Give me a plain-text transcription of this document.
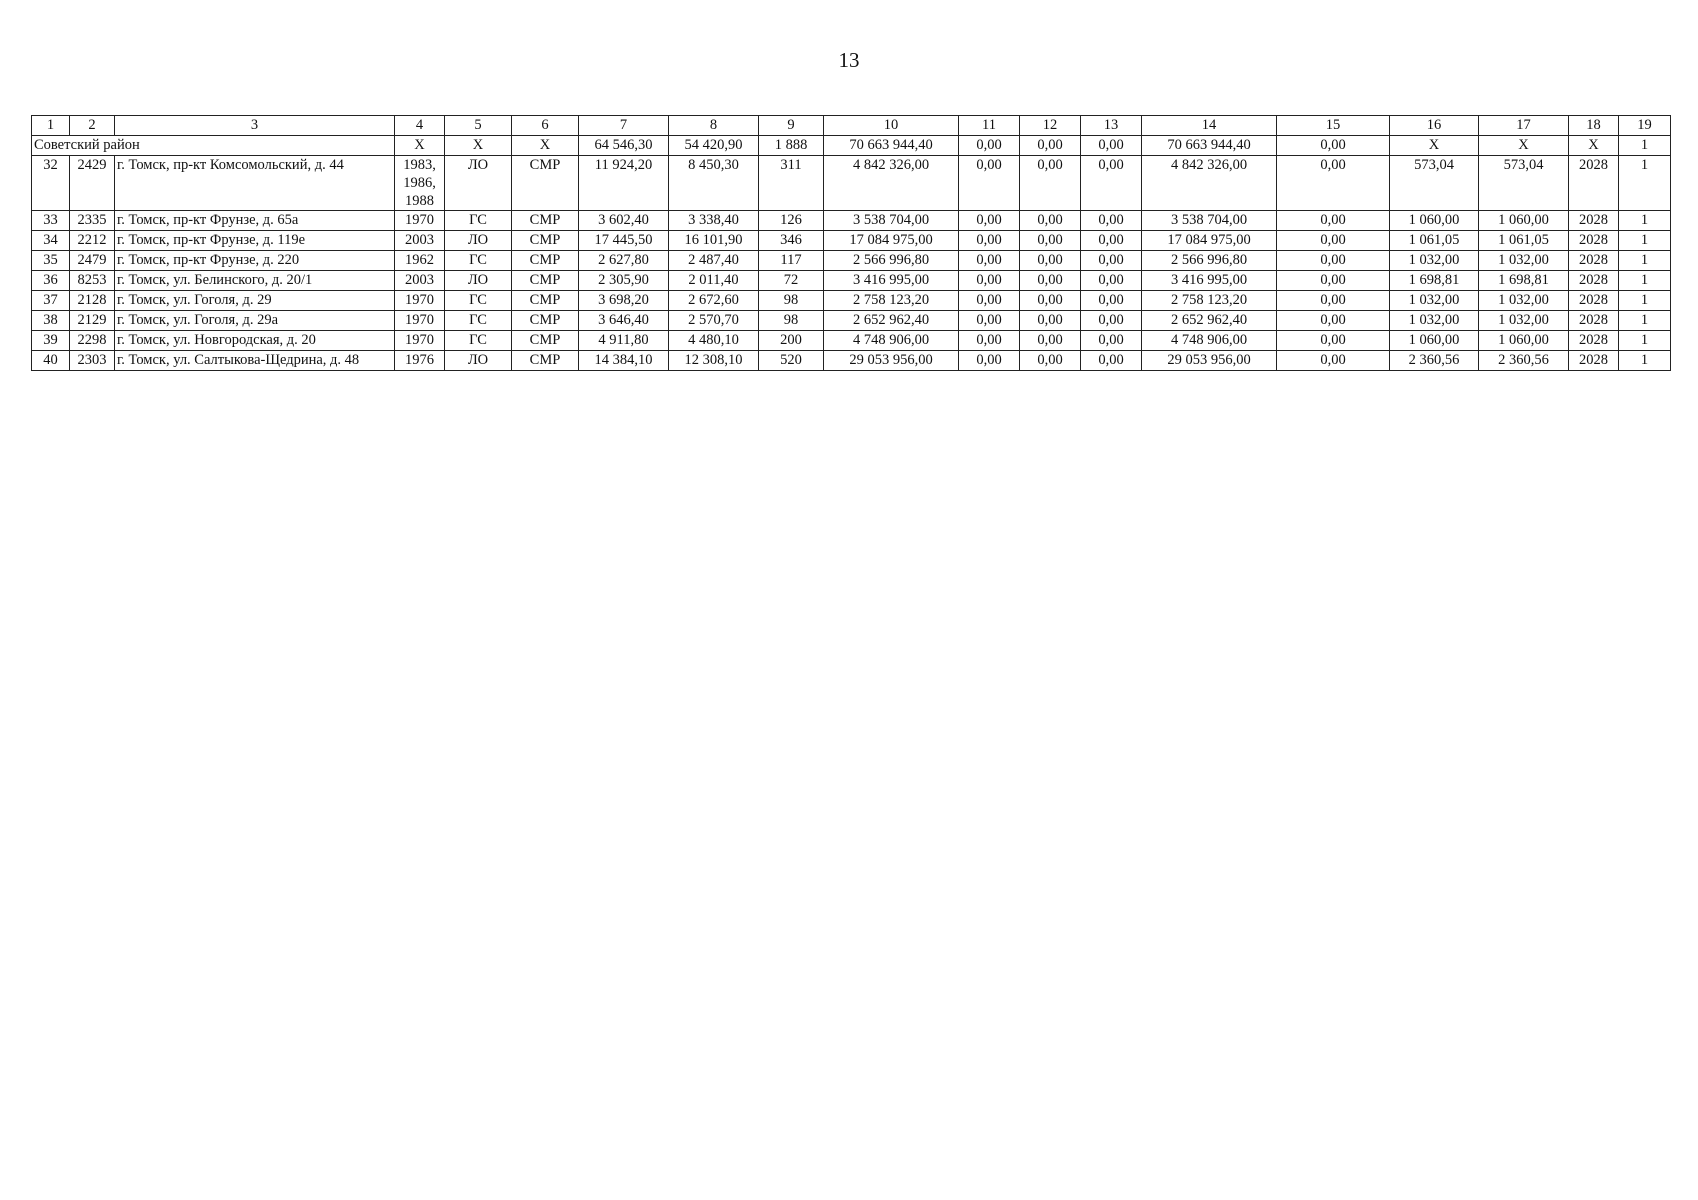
13
1	2	3	4	5	6	7	8	9	10	11	12	13	14	15	16	17	18	19
Советский район			X	X	X	64 546,30	54 420,90	1 888	70 663 944,40	0,00	0,00	0,00	70 663 944,40	0,00	X	X	X	1
32	2429	г. Томск, пр-кт Комсомольский, д. 44	1983, 1986, 1988	ЛО	СМР	11 924,20	8 450,30	311	4 842 326,00	0,00	0,00	0,00	4 842 326,00	0,00	573,04	573,04	2028	1
33	2335	г. Томск, пр-кт Фрунзе, д. 65а	1970	ГС	СМР	3 602,40	3 338,40	126	3 538 704,00	0,00	0,00	0,00	3 538 704,00	0,00	1 060,00	1 060,00	2028	1
34	2212	г. Томск, пр-кт Фрунзе, д. 119е	2003	ЛО	СМР	17 445,50	16 101,90	346	17 084 975,00	0,00	0,00	0,00	17 084 975,00	0,00	1 061,05	1 061,05	2028	1
35	2479	г. Томск, пр-кт Фрунзе, д. 220	1962	ГС	СМР	2 627,80	2 487,40	117	2 566 996,80	0,00	0,00	0,00	2 566 996,80	0,00	1 032,00	1 032,00	2028	1
36	8253	г. Томск, ул. Белинского, д. 20/1	2003	ЛО	СМР	2 305,90	2 011,40	72	3 416 995,00	0,00	0,00	0,00	3 416 995,00	0,00	1 698,81	1 698,81	2028	1
37	2128	г. Томск, ул. Гоголя, д. 29	1970	ГС	СМР	3 698,20	2 672,60	98	2 758 123,20	0,00	0,00	0,00	2 758 123,20	0,00	1 032,00	1 032,00	2028	1
38	2129	г. Томск, ул. Гоголя, д. 29а	1970	ГС	СМР	3 646,40	2 570,70	98	2 652 962,40	0,00	0,00	0,00	2 652 962,40	0,00	1 032,00	1 032,00	2028	1
39	2298	г. Томск, ул. Новгородская, д. 20	1970	ГС	СМР	4 911,80	4 480,10	200	4 748 906,00	0,00	0,00	0,00	4 748 906,00	0,00	1 060,00	1 060,00	2028	1
40	2303	г. Томск, ул. Салтыкова-Щедрина, д. 48	1976	ЛО	СМР	14 384,10	12 308,10	520	29 053 956,00	0,00	0,00	0,00	29 053 956,00	0,00	2 360,56	2 360,56	2028	1
